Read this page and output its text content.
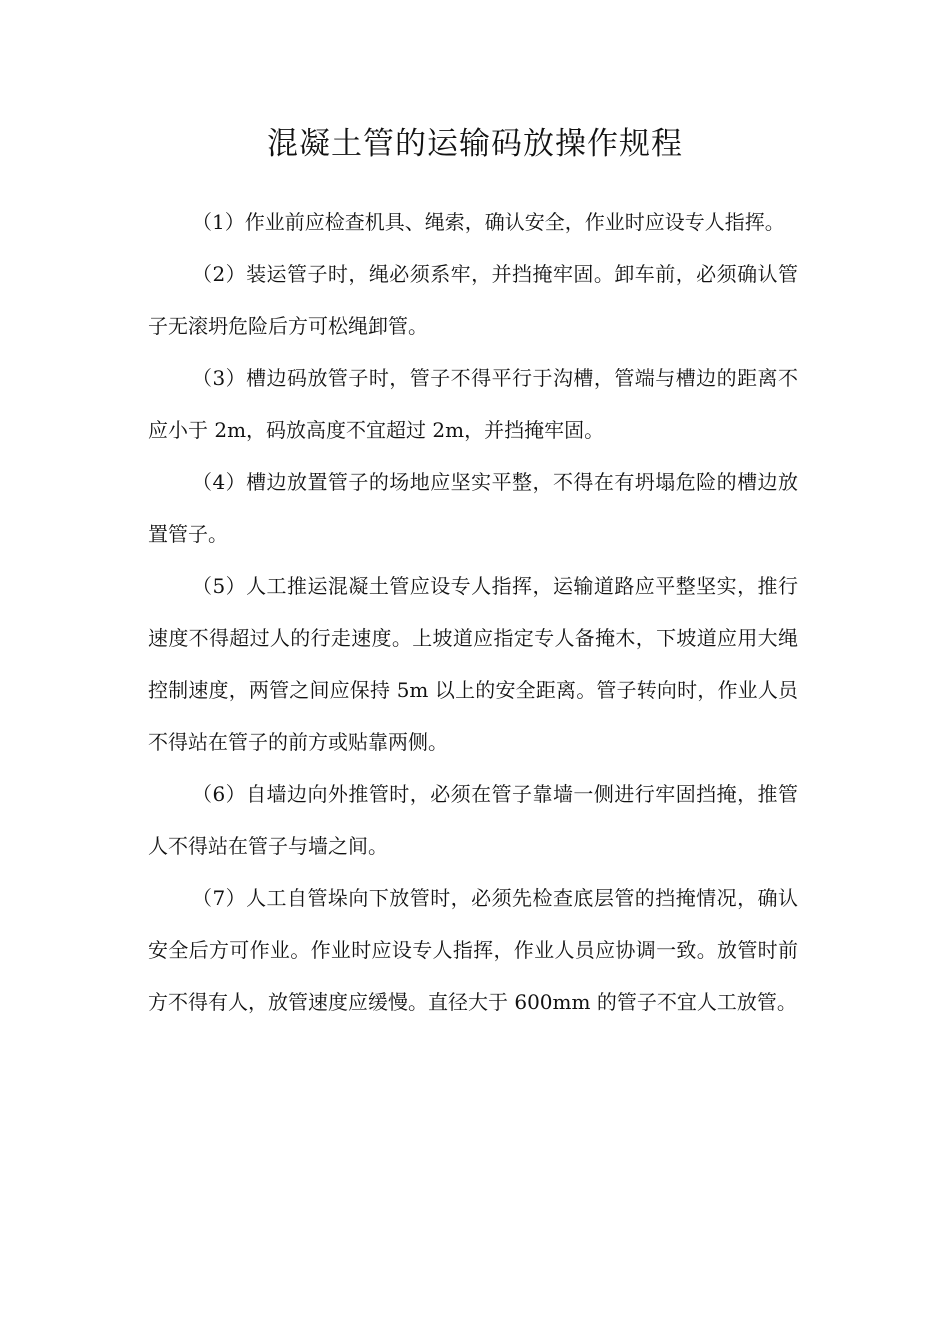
混凝土管的运输码放操作规程

（1）作业前应检查机具、绳索，确认安全，作业时应设专人指挥。

（2）装运管子时，绳必须系牢，并挡掩牢固。卸车前，必须确认管子无滚坍危险后方可松绳卸管。

（3）槽边码放管子时，管子不得平行于沟槽，管端与槽边的距离不应小于 2m，码放高度不宜超过 2m，并挡掩牢固。

（4）槽边放置管子的场地应坚实平整，不得在有坍塌危险的槽边放置管子。

（5）人工推运混凝土管应设专人指挥，运输道路应平整坚实，推行速度不得超过人的行走速度。上坡道应指定专人备掩木，下坡道应用大绳控制速度，两管之间应保持 5m 以上的安全距离。管子转向时，作业人员不得站在管子的前方或贴靠两侧。

（6）自墙边向外推管时，必须在管子靠墙一侧进行牢固挡掩，推管人不得站在管子与墙之间。

（7）人工自管垛向下放管时，必须先检查底层管的挡掩情况，确认安全后方可作业。作业时应设专人指挥，作业人员应协调一致。放管时前方不得有人，放管速度应缓慢。直径大于 600mm 的管子不宜人工放管。
